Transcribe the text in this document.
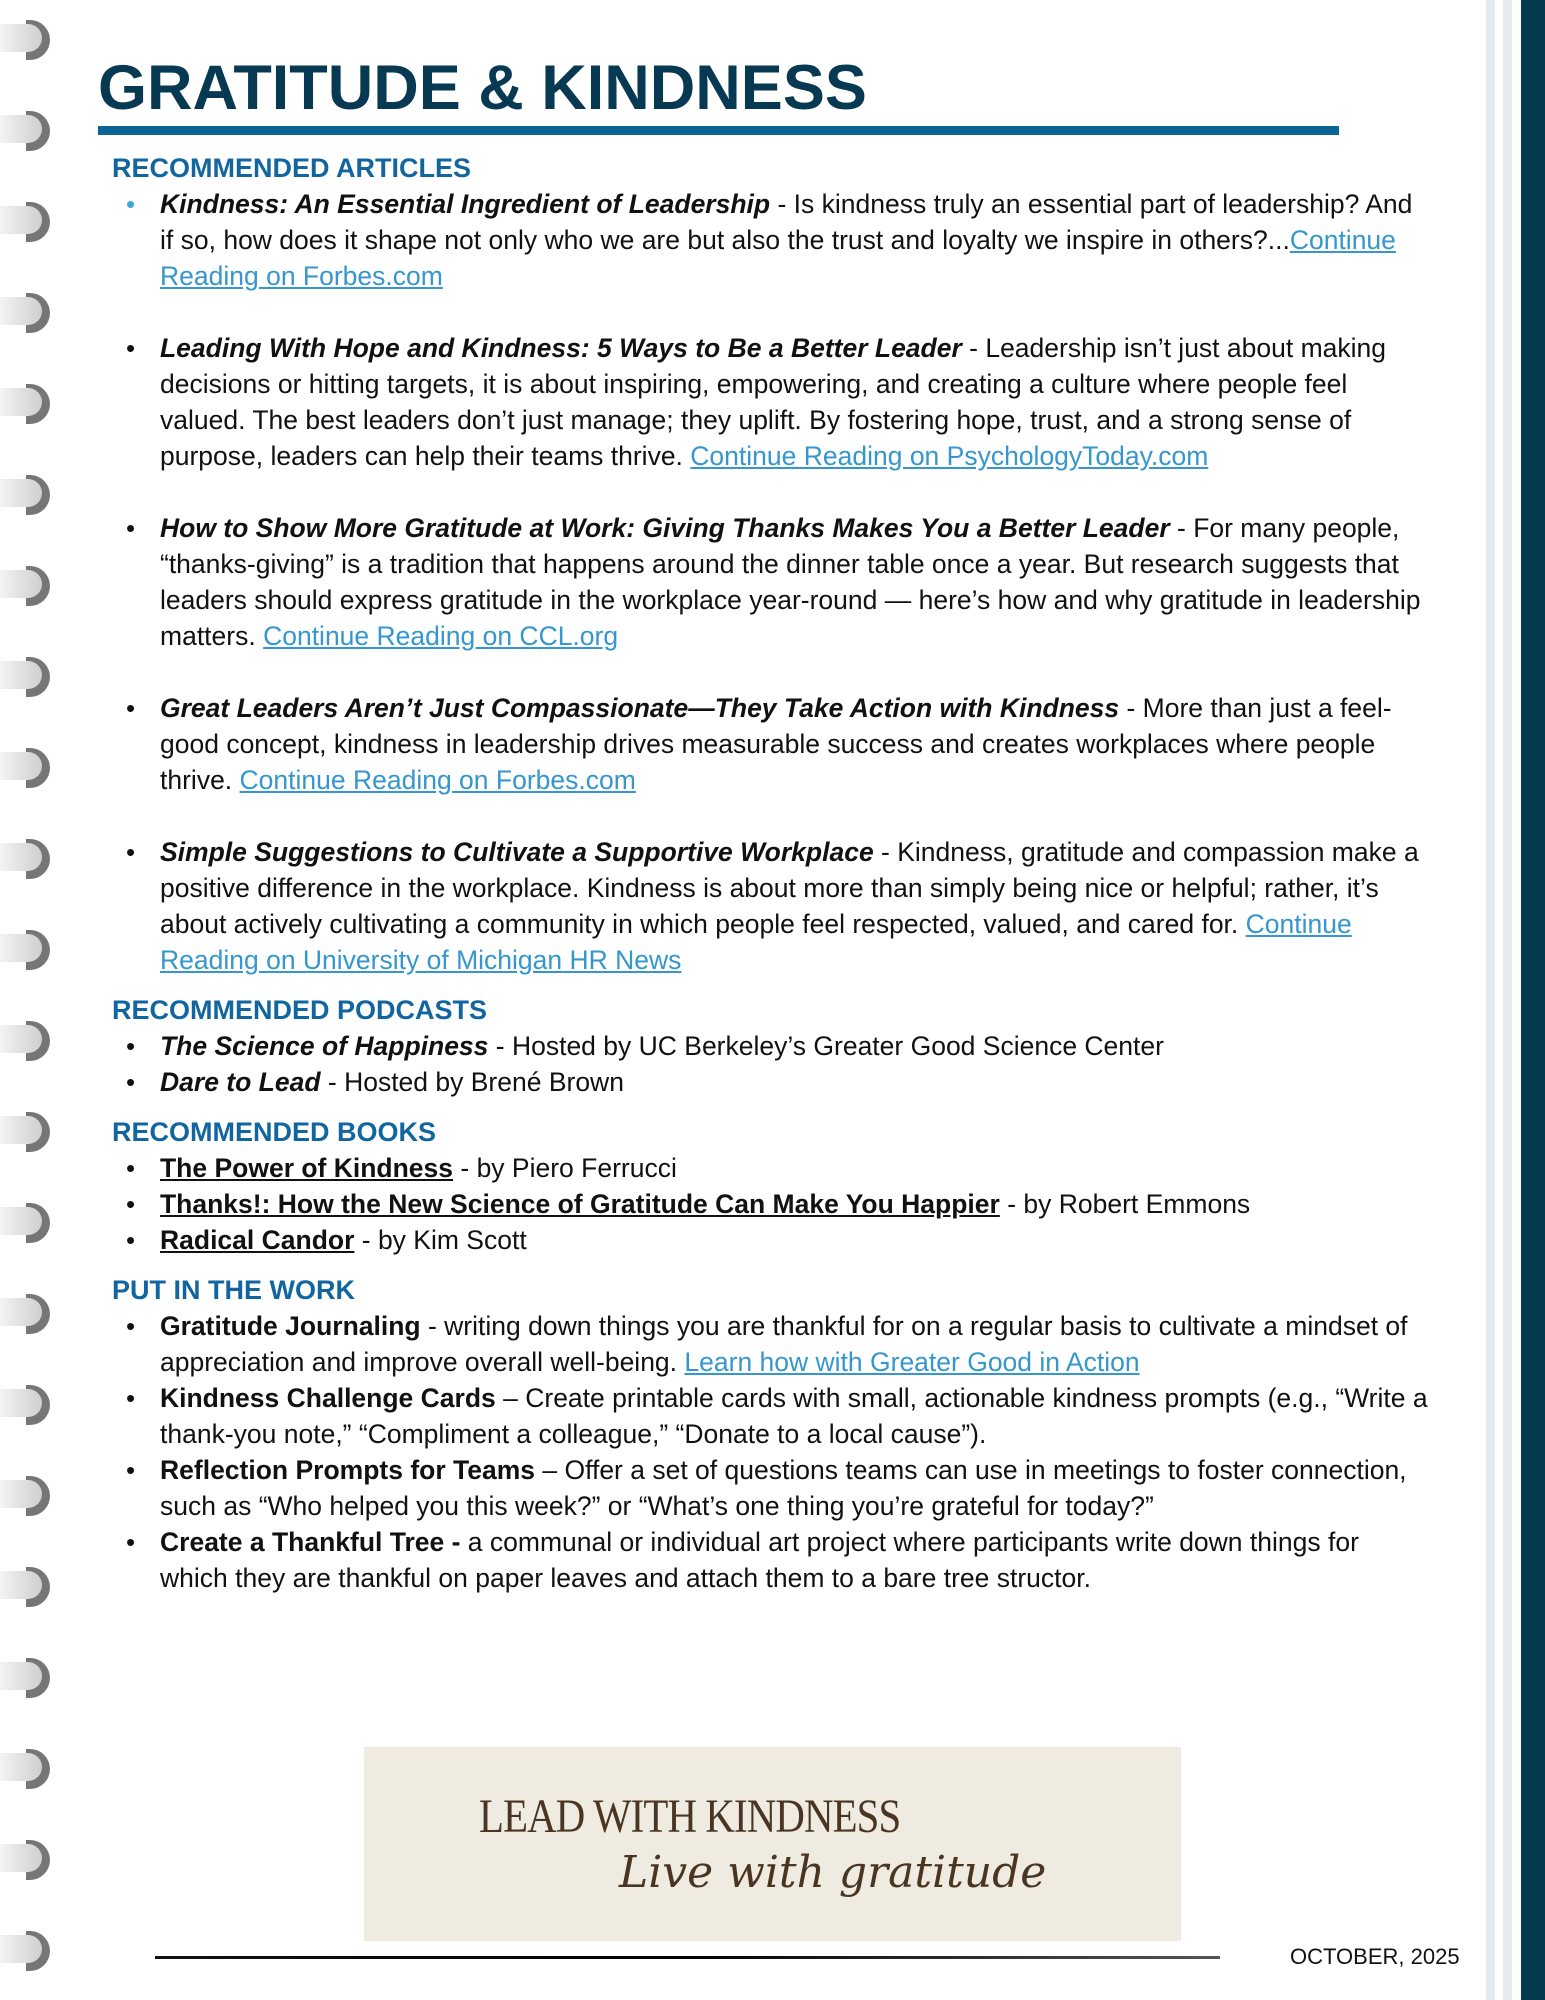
GRATITUDE & KINDNESS
RECOMMENDED ARTICLES
• Kindness: An Essential Ingredient of Leadership - Is kindness truly an essential part of leadership? And if so, how does it shape not only who we are but also the trust and loyalty we inspire in others?...Continue Reading on Forbes.com
• Leading With Hope and Kindness: 5 Ways to Be a Better Leader - Leadership isn’t just about making decisions or hitting targets, it is about inspiring, empowering, and creating a culture where people feel valued. The best leaders don’t just manage; they uplift. By fostering hope, trust, and a strong sense of purpose, leaders can help their teams thrive. Continue Reading on PsychologyToday.com
• How to Show More Gratitude at Work: Giving Thanks Makes You a Better Leader - For many people, “thanks-giving” is a tradition that happens around the dinner table once a year. But research suggests that leaders should express gratitude in the workplace year-round — here’s how and why gratitude in leadership matters. Continue Reading on CCL.org
• Great Leaders Aren’t Just Compassionate—They Take Action with Kindness - More than just a feel-good concept, kindness in leadership drives measurable success and creates workplaces where people thrive. Continue Reading on Forbes.com
• Simple Suggestions to Cultivate a Supportive Workplace - Kindness, gratitude and compassion make a positive difference in the workplace. Kindness is about more than simply being nice or helpful; rather, it’s about actively cultivating a community in which people feel respected, valued, and cared for. Continue Reading on University of Michigan HR News
RECOMMENDED PODCASTS
• The Science of Happiness - Hosted by UC Berkeley’s Greater Good Science Center
• Dare to Lead - Hosted by Brené Brown
RECOMMENDED BOOKS
• The Power of Kindness - by Piero Ferrucci
• Thanks!: How the New Science of Gratitude Can Make You Happier - by Robert Emmons
• Radical Candor - by Kim Scott
PUT IN THE WORK
• Gratitude Journaling - writing down things you are thankful for on a regular basis to cultivate a mindset of appreciation and improve overall well-being. Learn how with Greater Good in Action
• Kindness Challenge Cards – Create printable cards with small, actionable kindness prompts (e.g., “Write a thank-you note,” “Compliment a colleague,” “Donate to a local cause”).
• Reflection Prompts for Teams – Offer a set of questions teams can use in meetings to foster connection, such as “Who helped you this week?” or “What’s one thing you’re grateful for today?”
• Create a Thankful Tree - a communal or individual art project where participants write down things for which they are thankful on paper leaves and attach them to a bare tree structor.
LEAD WITH KINDNESS
Live with gratitude
OCTOBER, 2025
